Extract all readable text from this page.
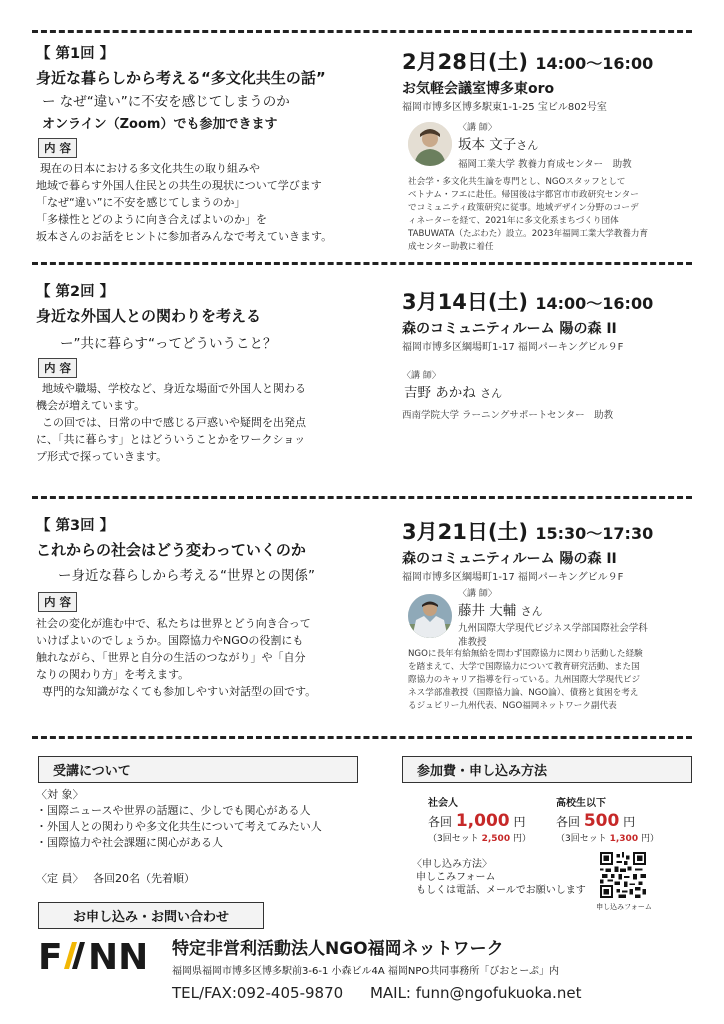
【 第1回 】
身近な暮らしから考える“多文化共生の話”
ー なぜ“違い”に不安を感じてしまうのか
オンライン（Zoom）でも参加できます
内 容
現在の日本における多文化共生の取り組みや
地域で暮らす外国人住民との共生の現状について学びます
「なぜ“違い”に不安を感じてしまうのか」
「多様性とどのように向き合えばよいのか」を
坂本さんのお話をヒントに参加者みんなで考えていきます。
2月28日(土) 14:00〜16:00
お気軽会議室博多東oro
福岡市博多区博多駅東1-1-25 宝ビル802号室
〈講 師〉
坂本 文子さん
福岡工業大学 教養力育成センター　助教
社会学・多文化共生論を専門とし、NGOスタッフとして
ベトナム・フエに赴任。帰国後は宇都宮市市政研究センター
でコミュニティ政策研究に従事。地域デザイン分野のコーデ
ィネーターを経て、2021年に多文化系まちづくり団体
TABUWATA（たぶわた）設立。2023年福岡工業大学教養力育
成センター助教に着任
【 第2回 】
身近な外国人との関わりを考える
ー”共に暮らす“ってどういうこと？
内 容
地域や職場、学校など、身近な場面で外国人と関わる
機会が増えています。
この回では、日常の中で感じる戸惑いや疑問を出発点
に、「共に暮らす」とはどういうことかをワークショッ
プ形式で探っていきます。
3月14日(土) 14:00〜16:00
森のコミュニティルーム 陽の森 II
福岡市博多区綱場町1-17 福岡パーキングビル９F
〈講 師〉
吉野 あかね さん
西南学院大学 ラーニングサポートセンター　助教
【 第3回 】
これからの社会はどう変わっていくのか
ー身近な暮らしから考える“世界との関係”
内 容
社会の変化が進む中で、私たちは世界とどう向き合って
いけばよいのでしょうか。国際協力やNGOの役割にも
触れながら、「世界と自分の生活のつながり」や「自分
なりの関わり方」を考えます。
専門的な知識がなくても参加しやすい対話型の回です。
3月21日(土) 15:30〜17:30
森のコミュニティルーム 陽の森 II
福岡市博多区綱場町1-17 福岡パーキングビル９F
〈講 師〉
藤井 大輔 さん
九州国際大学現代ビジネス学部国際社会学科
准教授
NGOに長年有給無給を問わず国際協力に関わり活動した経験
を踏まえて、大学で国際協力について教育研究活動、また国
際協力のキャリア指導を行っている。九州国際大学現代ビジ
ネス学部准教授（国際協力論、NGO論）、債務と貧困を考え
るジュビリー九州代表、NGO福岡ネットワーク副代表
受講について
〈対 象〉
・国際ニュースや世界の話題に、少しでも関心がある人
・外国人との関わりや多文化共生について考えてみたい人
・国際協力や社会課題に関心がある人
〈定 員〉 各回20名（先着順）
参加費・申し込み方法
社会人
各回 1,000 円
（3回セット 2,500 円）
高校生以下
各回 500 円
（3回セット 1,300 円）
〈申し込み方法〉
申しこみフォーム
もしくは電話、メールでお願いします
申し込みフォーム
お申し込み・お問い合わせ
F NN 特定非営利活動法人NGO福岡ネットワーク
福岡県福岡市博多区博多駅前3-6-1 小森ビル4A 福岡NPO共同事務所「びおとーぷ」内
TEL/FAX:092-405-9870 MAIL: funn@ngofukuoka.net
